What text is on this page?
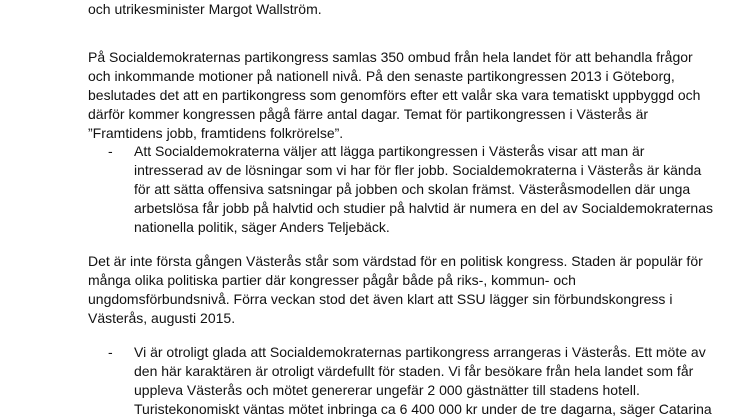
och utrikesminister Margot Wallström.
På Socialdemokraternas partikongress samlas 350 ombud från hela landet för att behandla frågor
och inkommande motioner på nationell nivå. På den senaste partikongressen 2013 i Göteborg,
beslutades det att en partikongress som genomförs efter ett valår ska vara tematiskt uppbyggd och
därför kommer kongressen pågå färre antal dagar. Temat för partikongressen i Västerås är
”Framtidens jobb, framtidens folkrörelse”.
- Att Socialdemokraterna väljer att lägga partikongressen i Västerås visar att man är
intresserad av de lösningar som vi har för fler jobb. Socialdemokraterna i Västerås är kända
för att sätta offensiva satsningar på jobben och skolan främst. Västeråsmodellen där unga
arbetslösa får jobb på halvtid och studier på halvtid är numera en del av Socialdemokraternas
nationella politik, säger Anders Teljebäck.
Det är inte första gången Västerås står som värdstad för en politisk kongress. Staden är populär för
många olika politiska partier där kongresser pågår både på riks-, kommun- och
ungdomsförbundsnivå. Förra veckan stod det även klart att SSU lägger sin förbundskongress i
Västerås, augusti 2015.
- Vi är otroligt glada att Socialdemokraternas partikongress arrangeras i Västerås. Ett möte av
den här karaktären är otroligt värdefullt för staden. Vi får besökare från hela landet som får
uppleva Västerås och mötet genererar ungefär 2 000 gästnätter till stadens hotell.
Turistekonomiskt väntas mötet inbringa ca 6 400 000 kr under de tre dagarna, säger Catarina
